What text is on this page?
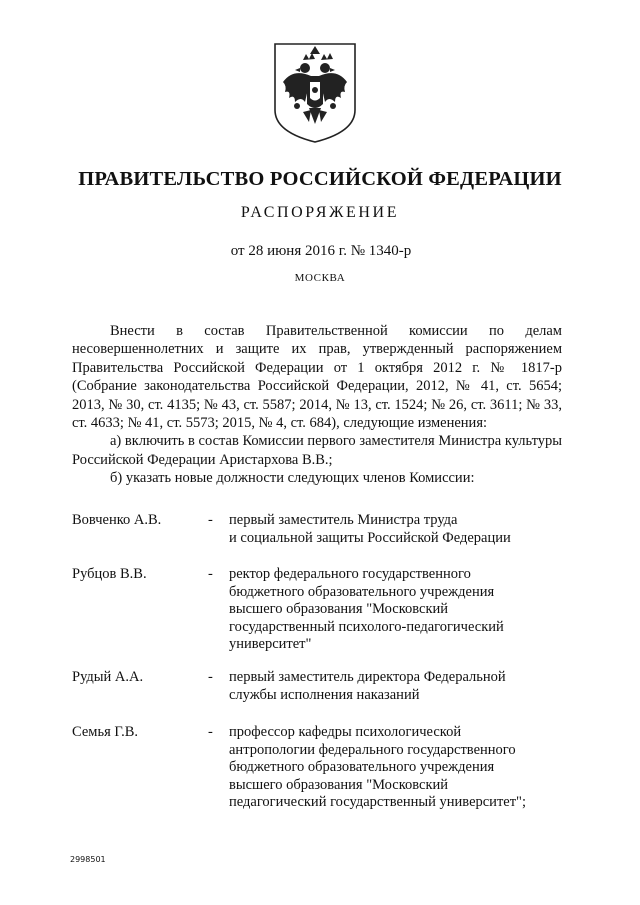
ПРАВИТЕЛЬСТВО РОССИЙСКОЙ ФЕДЕРАЦИИ
РАСПОРЯЖЕНИЕ
от 28 июня 2016 г. № 1340-р
МОСКВА

Внести в состав Правительственной комиссии по делам несовершеннолетних и защите их прав, утвержденный распоряжением Правительства Российской Федерации от 1 октября 2012 г. № 1817-р (Собрание законодательства Российской Федерации, 2012, № 41, ст. 5654; 2013, № 30, ст. 4135; № 43, ст. 5587; 2014, № 13, ст. 1524; № 26, ст. 3611; № 33, ст. 4633; № 41, ст. 5573; 2015, № 4, ст. 684), следующие изменения:

а) включить в состав Комиссии первого заместителя Министра культуры Российской Федерации Аристархова В.В.;

б) указать новые должности следующих членов Комиссии:

Вовченко А.В.	- первый заместитель Министра труда
и социальной защиты Российской Федерации
Рубцов В.В.	- ректор федерального государственного
бюджетного образовательного учреждения
высшего образования "Московский
государственный психолого-педагогический
университет"
Рудый А.А.	- первый заместитель директора Федеральной
службы исполнения наказаний
Семья Г.В.	- профессор кафедры психологической
антропологии федерального государственного
бюджетного образовательного учреждения
высшего образования "Московский
педагогический государственный университет";
2998501
